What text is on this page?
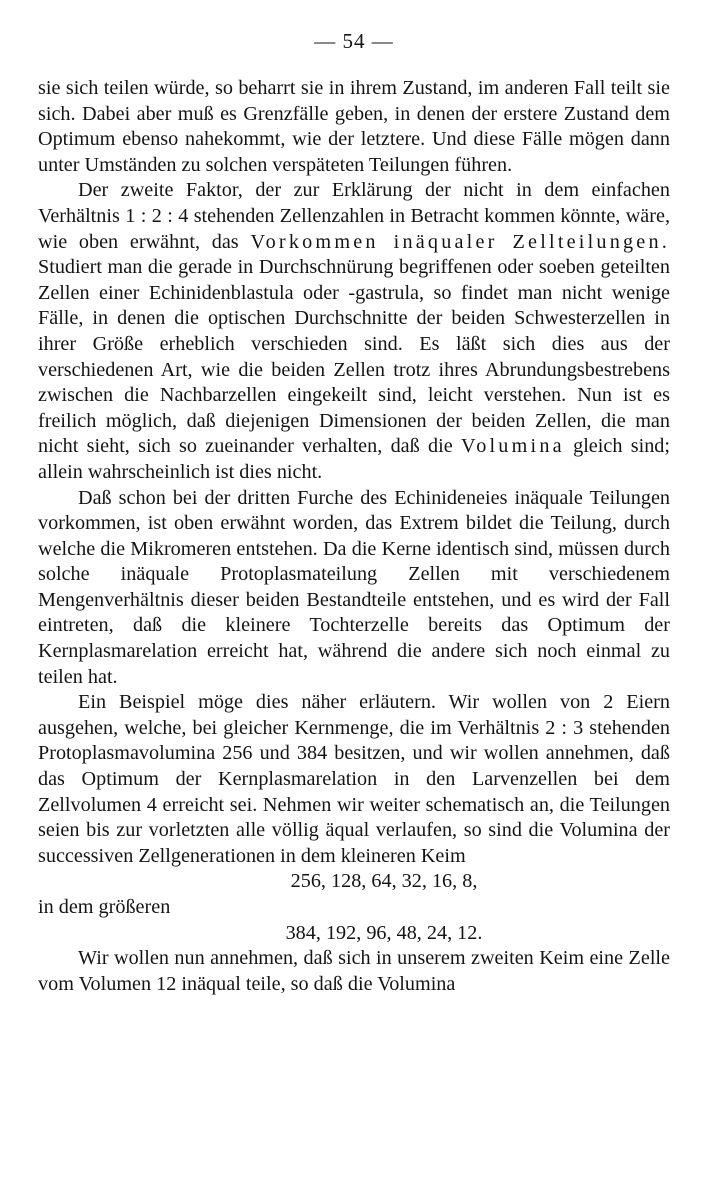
— 54 —

sie sich teilen würde, so beharrt sie in ihrem Zustand, im anderen Fall teilt sie sich. Dabei aber muß es Grenzfälle geben, in denen der erstere Zustand dem Optimum ebenso nahekommt, wie der letztere. Und diese Fälle mögen dann unter Umständen zu solchen verspäteten Teilungen führen.

Der zweite Faktor, der zur Erklärung der nicht in dem einfachen Verhältnis 1 : 2 : 4 stehenden Zellenzahlen in Betracht kommen könnte, wäre, wie oben erwähnt, das Vorkommen inäqualer Zellteilungen. Studiert man die gerade in Durchschnürung begriffenen oder soeben geteilten Zellen einer Echinidenblastula oder -gastrula, so findet man nicht wenige Fälle, in denen die optischen Durchschnitte der beiden Schwesterzellen in ihrer Größe erheblich verschieden sind. Es läßt sich dies aus der verschiedenen Art, wie die beiden Zellen trotz ihres Abrundungsbestrebens zwischen die Nachbarzellen eingekeilt sind, leicht verstehen. Nun ist es freilich möglich, daß diejenigen Dimensionen der beiden Zellen, die man nicht sieht, sich so zueinander verhalten, daß die Volumina gleich sind; allein wahrscheinlich ist dies nicht.

Daß schon bei der dritten Furche des Echinideneies inäquale Teilungen vorkommen, ist oben erwähnt worden, das Extrem bildet die Teilung, durch welche die Mikromeren entstehen. Da die Kerne identisch sind, müssen durch solche inäquale Protoplasmateilung Zellen mit verschiedenem Mengenverhältnis dieser beiden Bestandteile entstehen, und es wird der Fall eintreten, daß die kleinere Tochterzelle bereits das Optimum der Kernplasmarelation erreicht hat, während die andere sich noch einmal zu teilen hat.

Ein Beispiel möge dies näher erläutern. Wir wollen von 2 Eiern ausgehen, welche, bei gleicher Kernmenge, die im Verhältnis 2 : 3 stehenden Protoplasmavolumina 256 und 384 besitzen, und wir wollen annehmen, daß das Optimum der Kernplasmarelation in den Larvenzellen bei dem Zellvolumen 4 erreicht sei. Nehmen wir weiter schematisch an, die Teilungen seien bis zur vorletzten alle völlig äqual verlaufen, so sind die Volumina der successiven Zellgenerationen in dem kleineren Keim

256, 128, 64, 32, 16, 8,

in dem größeren

384, 192, 96, 48, 24, 12.

Wir wollen nun annehmen, daß sich in unserem zweiten Keim eine Zelle vom Volumen 12 inäqual teile, so daß die Volumina
